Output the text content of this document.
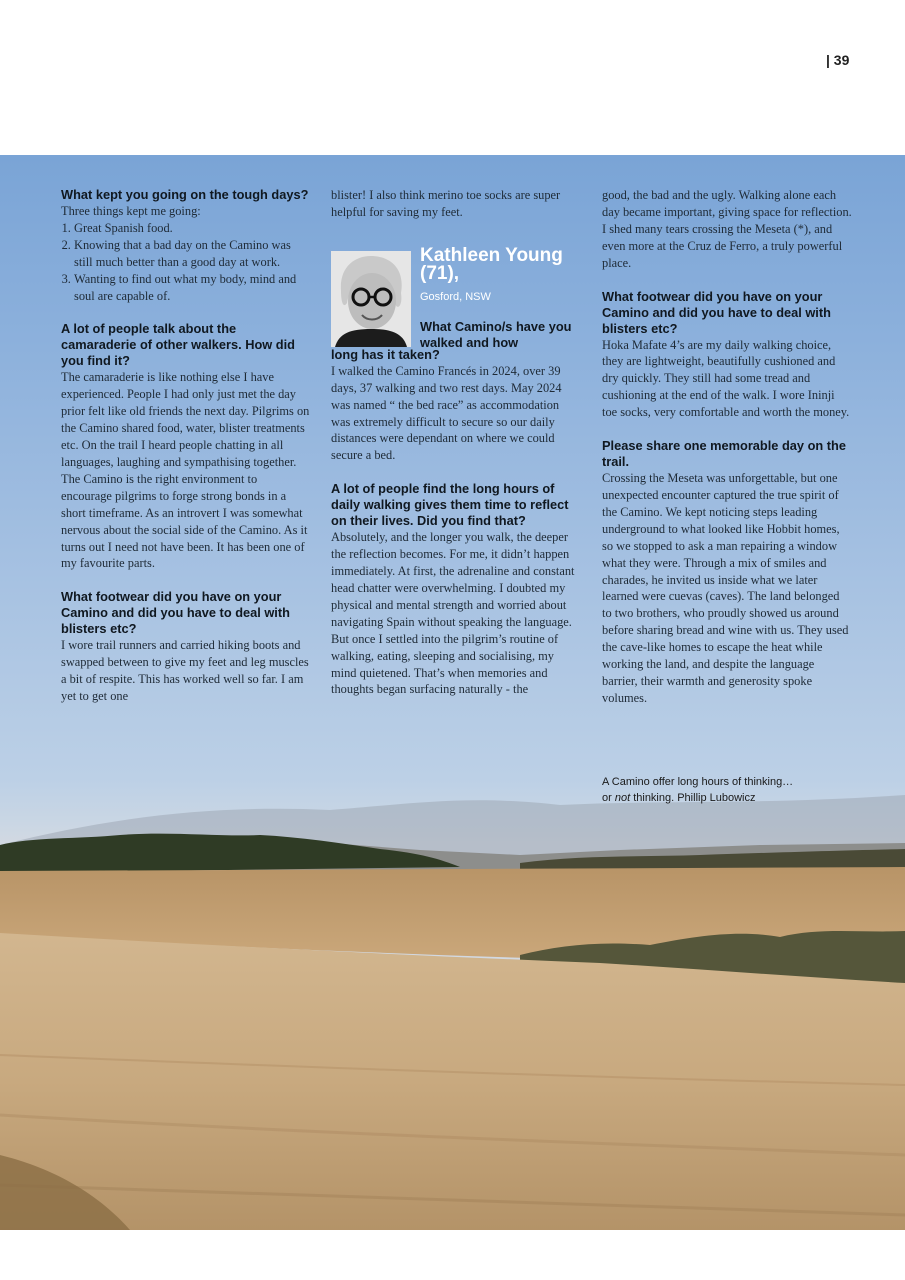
| 39

What kept you going on the tough days?

Three things kept me going:

1. Great Spanish food.
2. Knowing that a bad day on the Camino was still much better than a good day at work.
3. Wanting to find out what my body, mind and soul are capable of.

A lot of people talk about the camaraderie of other walkers. How did you find it?

The camaraderie is like nothing else I have experienced. People I had only just met the day prior felt like old friends the next day. Pilgrims on the Camino shared food, water, blister treatments etc. On the trail I heard people chatting in all languages, laughing and sympathising together. The Camino is the right environment to encourage pilgrims to forge strong bonds in a short timeframe. As an introvert I was somewhat nervous about the social side of the Camino. As it turns out I need not have been. It has been one of my favourite parts.

What footwear did you have on your Camino and did you have to deal with blisters etc?

I wore trail runners and carried hiking boots and swapped between to give my feet and leg muscles a bit of respite. This has worked well so far. I am yet to get one

blister! I also think merino toe socks are super helpful for saving my feet.

Kathleen Young (71),
Gosford, NSW
What Camino/s have you walked and how

long has it taken?

I walked the Camino Francés in 2024, over 39 days, 37 walking and two rest days. May 2024 was named “ the bed race” as accommodation was extremely difficult to secure so our daily distances were dependant on where we could secure a bed.

A lot of people find the long hours of daily walking gives them time to reflect on their lives. Did you find that?

Absolutely, and the longer you walk, the deeper the reflection becomes. For me, it didn’t happen immediately. At first, the adrenaline and constant head chatter were overwhelming. I doubted my physical and mental strength and worried about navigating Spain without speaking the language. But once I settled into the pilgrim’s routine of walking, eating, sleeping and socialising, my mind quietened. That’s when memories and thoughts began surfacing naturally - the

good, the bad and the ugly. Walking alone each day became important, giving space for reflection. I shed many tears crossing the Meseta (*), and even more at the Cruz de Ferro, a truly powerful place.

What footwear did you have on your Camino and did you have to deal with blisters etc?

Hoka Mafate 4’s are my daily walking choice, they are lightweight, beautifully cushioned and dry quickly. They still had some tread and cushioning at the end of the walk. I wore Ininji toe socks, very comfortable and worth the money.

Please share one memorable day on the trail.

Crossing the Meseta was unforgettable, but one unexpected encounter captured the true spirit of the Camino. We kept noticing steps leading underground to what looked like Hobbit homes, so we stopped to ask a man repairing a window what they were. Through a mix of smiles and charades, he invited us inside what we later learned were cuevas (caves). The land belonged to two brothers, who proudly showed us around before sharing bread and wine with us. They used the cave-like homes to escape the heat while working the land, and despite the language barrier, their warmth and generosity spoke volumes.

A Camino offer long hours of thinking…
or not thinking. Phillip Lubowicz
